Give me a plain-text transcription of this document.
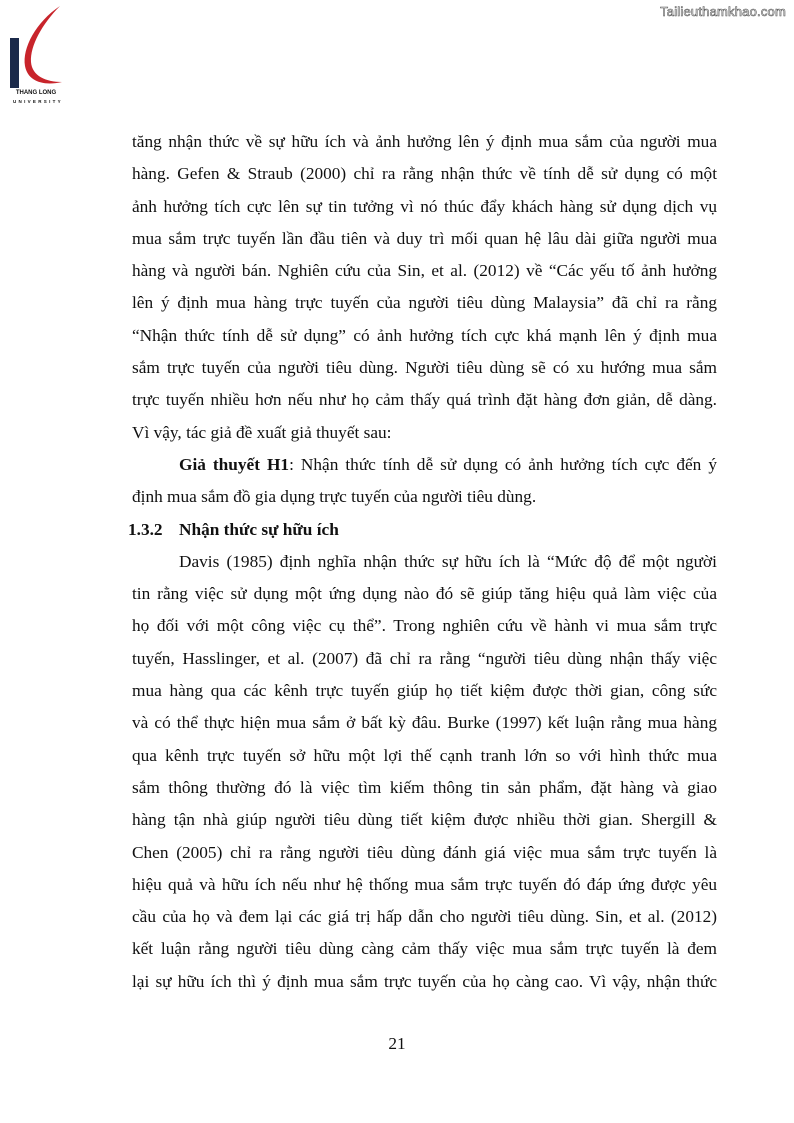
Tailieuthamkhao.com
THANG LONG
UNIVERSITY
tăng nhận thức về sự hữu ích và ảnh hưởng lên ý định mua sắm của người mua
hàng. Gefen & Straub (2000) chỉ ra rằng nhận thức về tính dễ sử dụng có một
ảnh hưởng tích cực lên sự tin tưởng vì nó thúc đẩy khách hàng sử dụng dịch vụ
mua sắm trực tuyến lần đầu tiên và duy trì mối quan hệ lâu dài giữa người mua
hàng và người bán. Nghiên cứu của Sin, et al. (2012) về “Các yếu tố ảnh hưởng
lên ý định mua hàng trực tuyến của người tiêu dùng Malaysia” đã chỉ ra rằng
“Nhận thức tính dễ sử dụng” có ảnh hưởng tích cực khá mạnh lên ý định mua
sắm trực tuyến của người tiêu dùng. Người tiêu dùng sẽ có xu hướng mua sắm
trực tuyến nhiều hơn nếu như họ cảm thấy quá trình đặt hàng đơn giản, dễ dàng.
Vì vậy, tác giả đề xuất giả thuyết sau:
Giả thuyết H1: Nhận thức tính dễ sử dụng có ảnh hưởng tích cực đến ý
định mua sắm đồ gia dụng trực tuyến của người tiêu dùng.
1.3.2 Nhận thức sự hữu ích
Davis (1985) định nghĩa nhận thức sự hữu ích là “Mức độ để một người
tin rằng việc sử dụng một ứng dụng nào đó sẽ giúp tăng hiệu quả làm việc của
họ đối với một công việc cụ thể”. Trong nghiên cứu về hành vi mua sắm trực
tuyến, Hasslinger, et al. (2007) đã chỉ ra rằng “người tiêu dùng nhận thấy việc
mua hàng qua các kênh trực tuyến giúp họ tiết kiệm được thời gian, công sức
và có thể thực hiện mua sắm ở bất kỳ đâu. Burke (1997) kết luận rằng mua hàng
qua kênh trực tuyến sở hữu một lợi thế cạnh tranh lớn so với hình thức mua
sắm thông thường đó là việc tìm kiếm thông tin sản phẩm, đặt hàng và giao
hàng tận nhà giúp người tiêu dùng tiết kiệm được nhiều thời gian. Shergill &
Chen (2005) chỉ ra rằng người tiêu dùng đánh giá việc mua sắm trực tuyến là
hiệu quả và hữu ích nếu như hệ thống mua sắm trực tuyến đó đáp ứng được yêu
cầu của họ và đem lại các giá trị hấp dẫn cho người tiêu dùng. Sin, et al. (2012)
kết luận rằng người tiêu dùng càng cảm thấy việc mua sắm trực tuyến là đem
lại sự hữu ích thì ý định mua sắm trực tuyến của họ càng cao. Vì vậy, nhận thức
21
